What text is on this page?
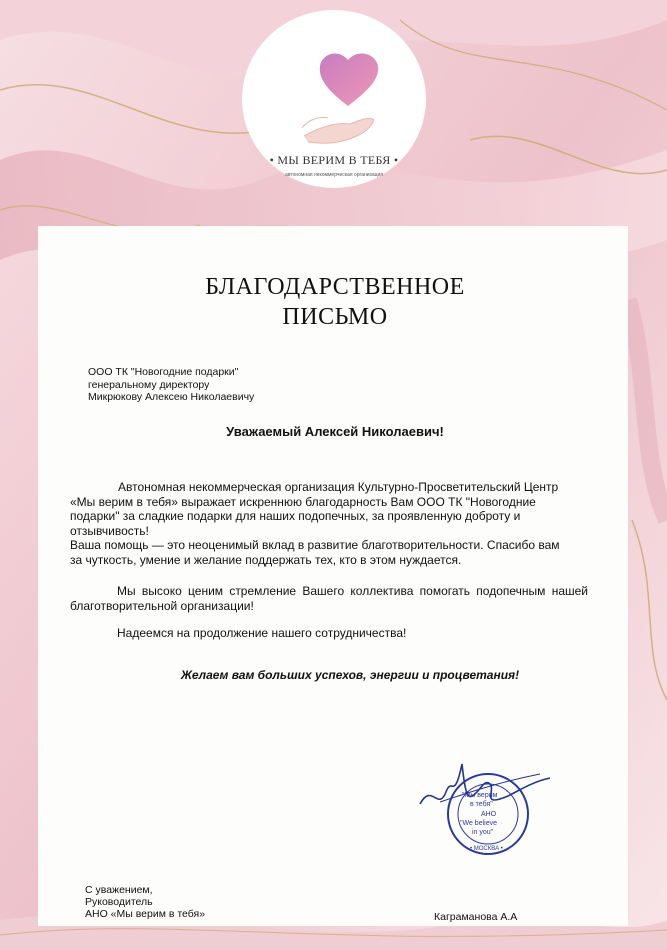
• МЫ ВЕРИМ В ТЕБЯ •
автономная некоммерческая организация
БЛАГОДАРСТВЕННОЕ
ПИСЬМО
ООО ТК "Новогодние подарки"
генеральному директору
Микрюкову Алексею Николаевичу
Уважаемый Алексей Николаевич!
Автономная некоммерческая организация Культурно-Просветительский Центр
«Мы верим в тебя» выражает искреннюю благодарность Вам ООО ТК "Новогодние
подарки" за сладкие подарки для наших подопечных, за проявленную доброту и
отзывчивость!
Ваша помощь — это неоценимый вклад в развитие благотворительности. Спасибо вам
за чуткость, умение и желание поддержать тех, кто в этом нуждается.
Мы высоко ценим стремление Вашего коллектива помогать подопечным нашей благотворительной организации!
Надеемся на продолжение нашего сотрудничества!
Желаем вам больших успехов, энергии и процветания!
"Мы верим
в тебя"
АНО
"We believe
in you"
• МОСКВА •
С уважением,
Руководитель
АНО «Мы верим в тебя»	Каграманова А.А
